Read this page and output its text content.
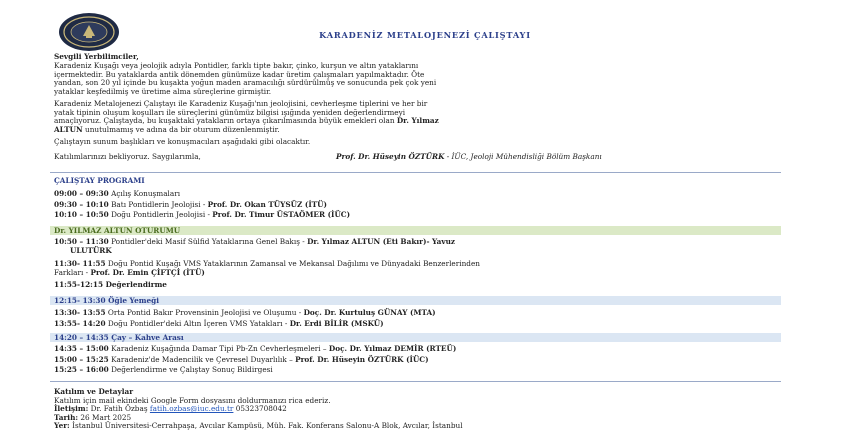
KARADENİZ METALOJENEZİ ÇALIŞTAYI
Sevgili Yerbilimciler,
Karadeniz Kuşağı veya jeolojik adıyla Pontidler, farklı tipte bakır, çinko, kurşun ve altın yataklarını
içermektedir. Bu yataklarda antik dönemden günümüze kadar üretim çalışmaları yapılmaktadır. Öte
yandan, son 20 yıl içinde bu kuşakta yoğun maden aramacılığı sürdürülmüş ve sonucunda pek çok yeni
yataklar keşfedilmiş ve üretime alma süreçlerine girmiştir.
Karadeniz Metalojenezi Çalıştayı ile Karadeniz Kuşağı'nın jeolojisini, cevherleşme tiplerini ve her bir
yatak tipinin oluşum koşulları ile süreçlerini günümüz bilgisi ışığında yeniden değerlendirmeyi
amaçlıyoruz. Çalıştayda, bu kuşaktaki yatakların ortaya çıkarılmasında büyük emekleri olan Dr. Yılmaz
ALTUN unutulmamış ve adına da bir oturum düzenlenmiştir.
Çalıştayın sunum başlıkları ve konuşmacıları aşağıdaki gibi olacaktır.
Katılımlarınızı bekliyoruz. Saygılarımla,	Prof. Dr. Hüseyin ÖZTÜRK - İÜC, Jeoloji Mühendisliği Bölüm Başkanı
ÇALIŞTAY PROGRAMI
09:00 – 09:30 Açılış Konuşmaları
09:30 – 10:10 Batı Pontidlerin Jeolojisi - Prof. Dr. Okan TÜYSÜZ (İTÜ)
10:10 – 10:50 Doğu Pontidlerin Jeolojisi - Prof. Dr. Timur ÜSTAÖMER (İÜC)
Dr. YILMAZ ALTUN OTURUMU
10:50 – 11:30 Pontidler'deki Masif Sülfid Yataklarına Genel Bakış - Dr. Yılmaz ALTUN (Eti Bakır)- Yavuz
ULUTÜRK
11:30- 11:55 Doğu Pontid Kuşağı VMS Yataklarının Zamansal ve Mekansal Dağılımı ve Dünyadaki Benzerlerinden
Farkları - Prof. Dr. Emin ÇİFTÇİ (İTÜ)
11:55-12:15 Değerlendirme
12:15- 13:30 Öğle Yemeği
13:30- 13:55 Orta Pontid Bakır Provensinin Jeolojisi ve Oluşumu - Doç. Dr. Kurtuluş GÜNAY (MTA)
13:55- 14:20 Doğu Pontidler'deki Altın İçeren VMS Yatakları - Dr. Erdi BİLİR (MSKÜ)
14:20 – 14:35 Çay – Kahve Arası
14:35 – 15:00 Karadeniz Kuşağında Damar Tipi Pb-Zn Cevherleşmeleri – Doç. Dr. Yılmaz DEMİR (RTEÜ)
15:00 – 15:25 Karadeniz'de Madencilik ve Çevresel Duyarlılık – Prof. Dr. Hüseyin ÖZTÜRK (İÜC)
15:25 – 16:00 Değerlendirme ve Çalıştay Sonuç Bildirgesi
Katılım ve Detaylar
Katılım için mail ekindeki Google Form dosyasını doldurmanızı rica ederiz.
İletişim: Dr. Fatih Özbaş fatih.ozbas@iuc.edu.tr 05323708042
Tarih: 26 Mart 2025
Yer: İstanbul Üniversitesi-Cerrahpaşa, Avcılar Kampüsü, Müh. Fak. Konferans Salonu-A Blok, Avcılar, İstanbul
